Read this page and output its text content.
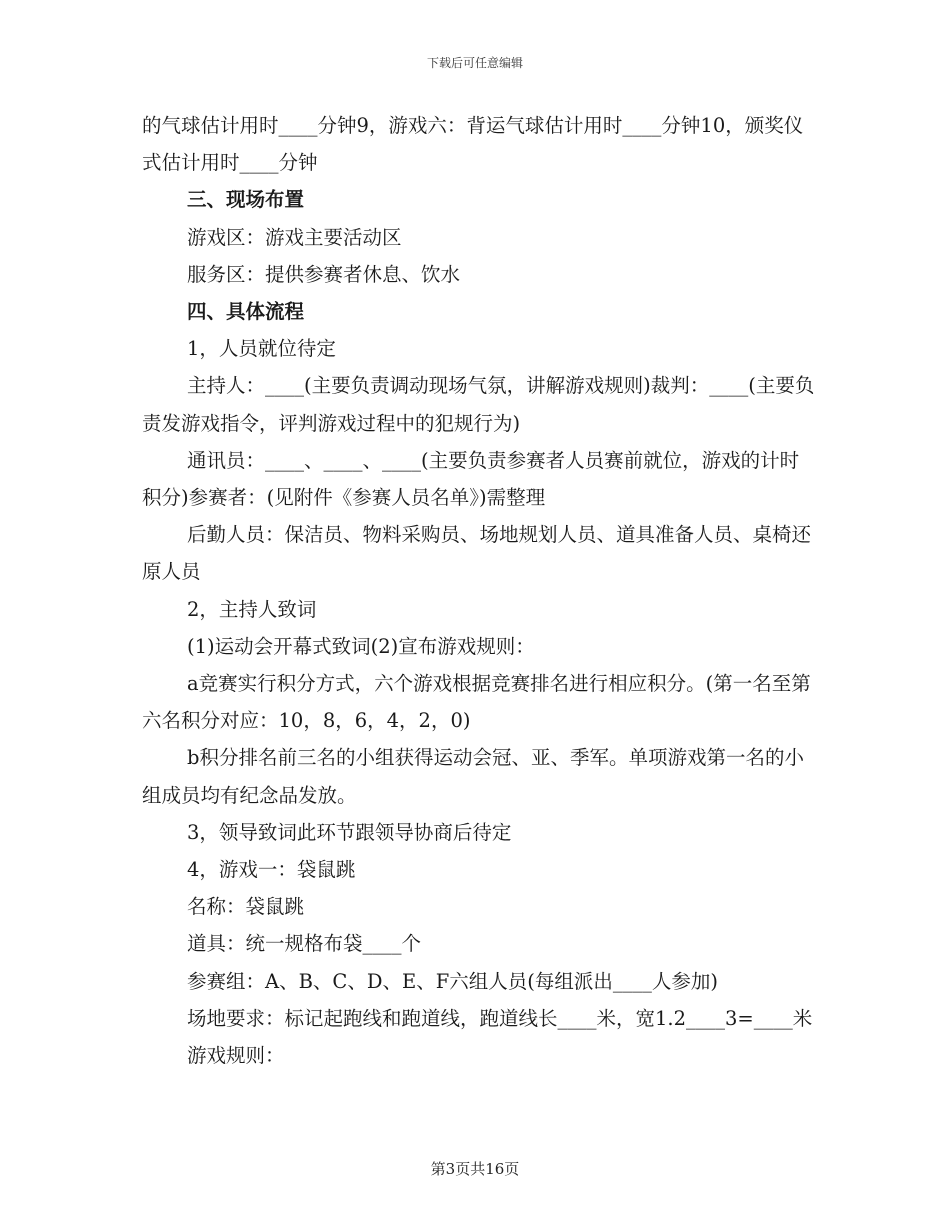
下载后可任意编辑

的气球估计用时____分钟9，游戏六：背运气球估计用时____分钟10，颁奖仪式估计用时____分钟

三、现场布置

游戏区：游戏主要活动区

服务区：提供参赛者休息、饮水

四、具体流程

1，人员就位待定

主持人：____(主要负责调动现场气氛，讲解游戏规则)裁判：____(主要负责发游戏指令，评判游戏过程中的犯规行为)

通讯员：____、____、____(主要负责参赛者人员赛前就位，游戏的计时积分)参赛者：(见附件《参赛人员名单》)需整理

后勤人员：保洁员、物料采购员、场地规划人员、道具准备人员、桌椅还原人员

2，主持人致词

(1)运动会开幕式致词(2)宣布游戏规则：

a竞赛实行积分方式，六个游戏根据竞赛排名进行相应积分。(第一名至第六名积分对应：10，8，6，4，2，0)

b积分排名前三名的小组获得运动会冠、亚、季军。单项游戏第一名的小组成员均有纪念品发放。

3，领导致词此环节跟领导协商后待定

4，游戏一：袋鼠跳

名称：袋鼠跳

道具：统一规格布袋____个

参赛组：A、B、C、D、E、F六组人员(每组派出____人参加)

场地要求：标记起跑线和跑道线，跑道线长____米，宽1.2____3=____米

游戏规则：

第3页共16页
